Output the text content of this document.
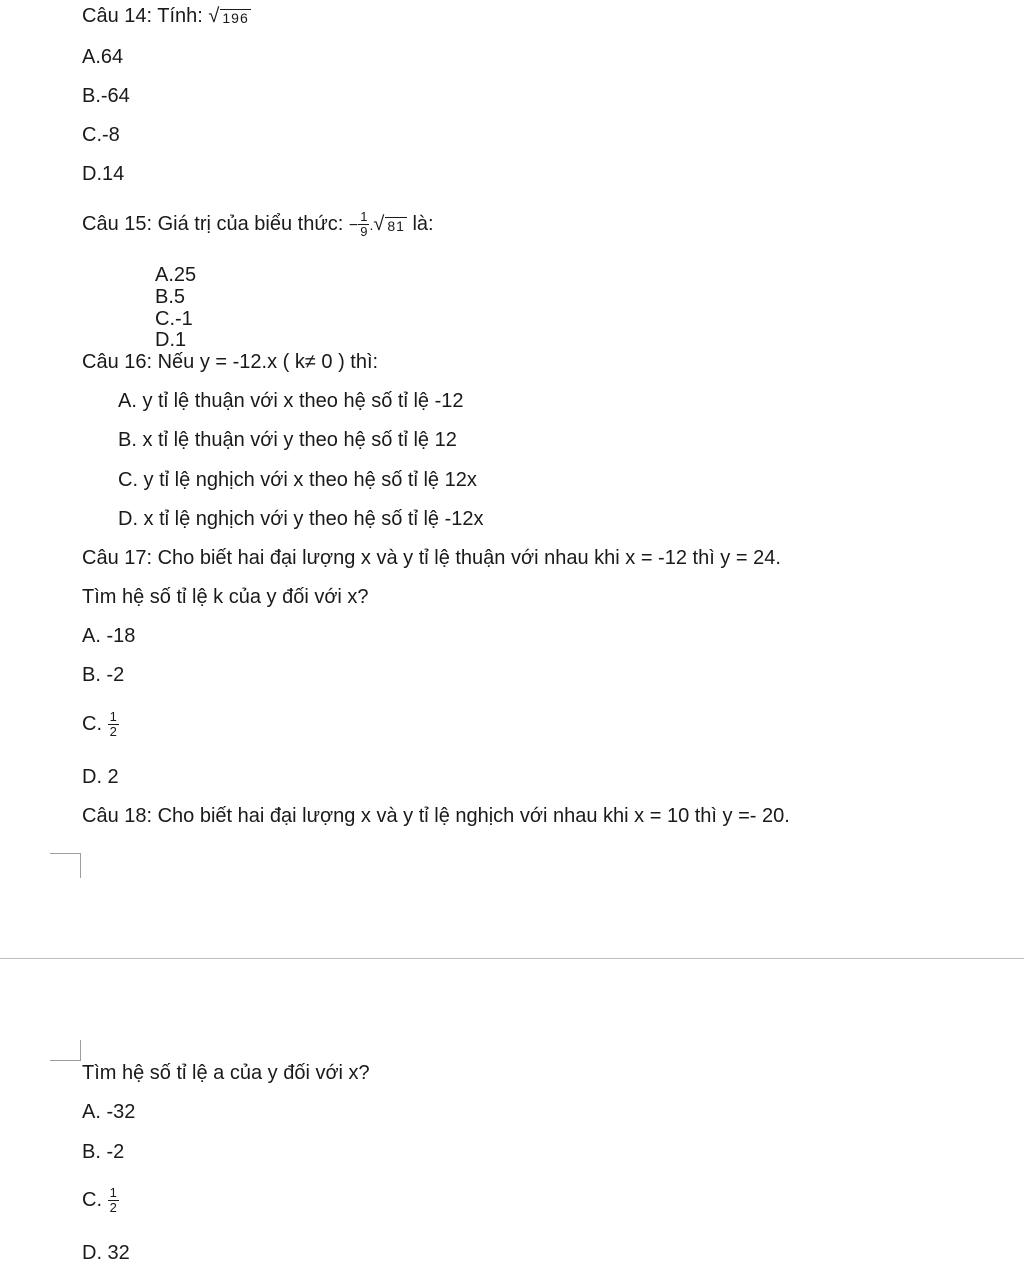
Câu 14: Tính: √ 196
A.64
B.-64
C.-8
D.14
Câu 15: Giá trị của biểu thức: − $\frac{1}{9}$ . √ 81 là:
A.25
B.5
C.-1
D.1
Câu 16: Nếu y = -12.x ( k≠ 0 ) thì:
A. y tỉ lệ thuận với x theo hệ số tỉ lệ -12
B. x tỉ lệ thuận với y theo hệ số tỉ lệ 12
C. y tỉ lệ nghịch với x theo hệ số tỉ lệ 12x
D. x tỉ lệ nghịch với y theo hệ số tỉ lệ -12x
Câu 17: Cho biết hai đại lượng x và y tỉ lệ thuận với nhau khi x = -12 thì y = 24.
Tìm hệ số tỉ lệ k của y đối với x?
A. -18
B. -2
C. $\frac{1}{2}$
D. 2
Câu 18: Cho biết hai đại lượng x và y tỉ lệ nghịch với nhau khi x = 10 thì y =- 20.
Tìm hệ số tỉ lệ a của y đối với x?
A. -32
B. -2
C. $\frac{1}{2}$
D. 32
